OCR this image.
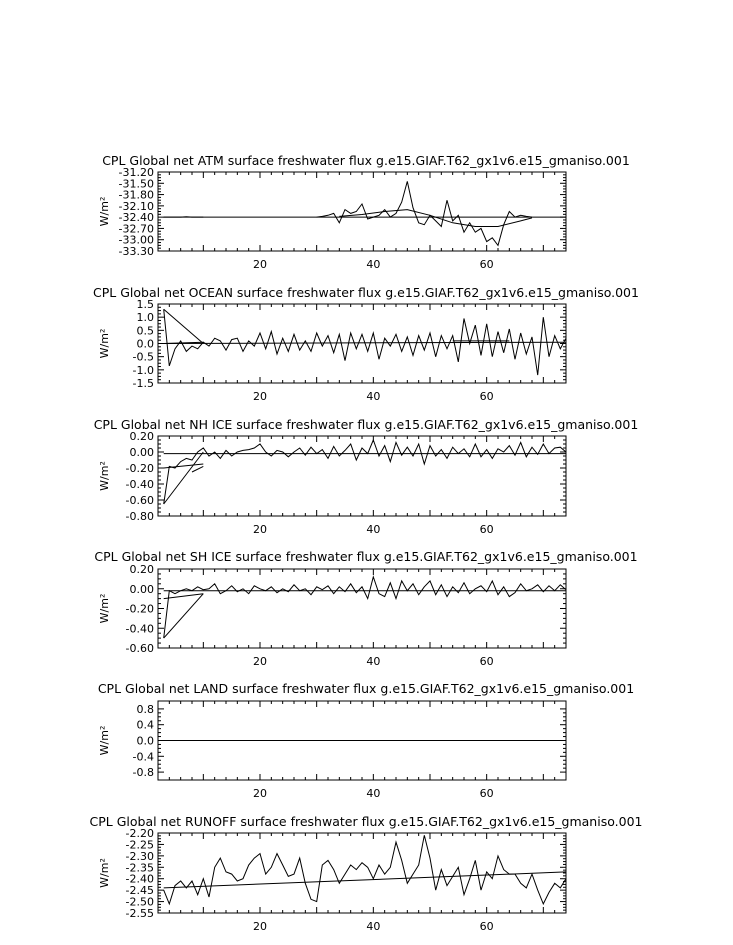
CPL Global net ATM surface freshwater flux g.e15.GIAF.T62_gx1v6.e15_gmaniso.001
20	40	60
-31.20
-31.50
-31.80
-32.10
-32.40
-32.70
-33.00
-33.30
W/m²
CPL Global net OCEAN surface freshwater flux g.e15.GIAF.T62_gx1v6.e15_gmaniso.001
20	40	60
1.5
1.0
0.5
0.0
-0.5
-1.0
-1.5
W/m²
CPL Global net NH ICE surface freshwater flux g.e15.GIAF.T62_gx1v6.e15_gmaniso.001
20	40	60
0.20
0.00
-0.20
-0.40
-0.60
-0.80
W/m²
CPL Global net SH ICE surface freshwater flux g.e15.GIAF.T62_gx1v6.e15_gmaniso.001
20	40	60
0.20
0.00
-0.20
-0.40
-0.60
W/m²
CPL Global net LAND surface freshwater flux g.e15.GIAF.T62_gx1v6.e15_gmaniso.001
20	40	60
0.8
0.4
0.0
-0.4
-0.8
W/m²
CPL Global net RUNOFF surface freshwater flux g.e15.GIAF.T62_gx1v6.e15_gmaniso.001
20	40	60
-2.20
-2.25
-2.30
-2.35
-2.40
-2.45
-2.50
-2.55
W/m²
